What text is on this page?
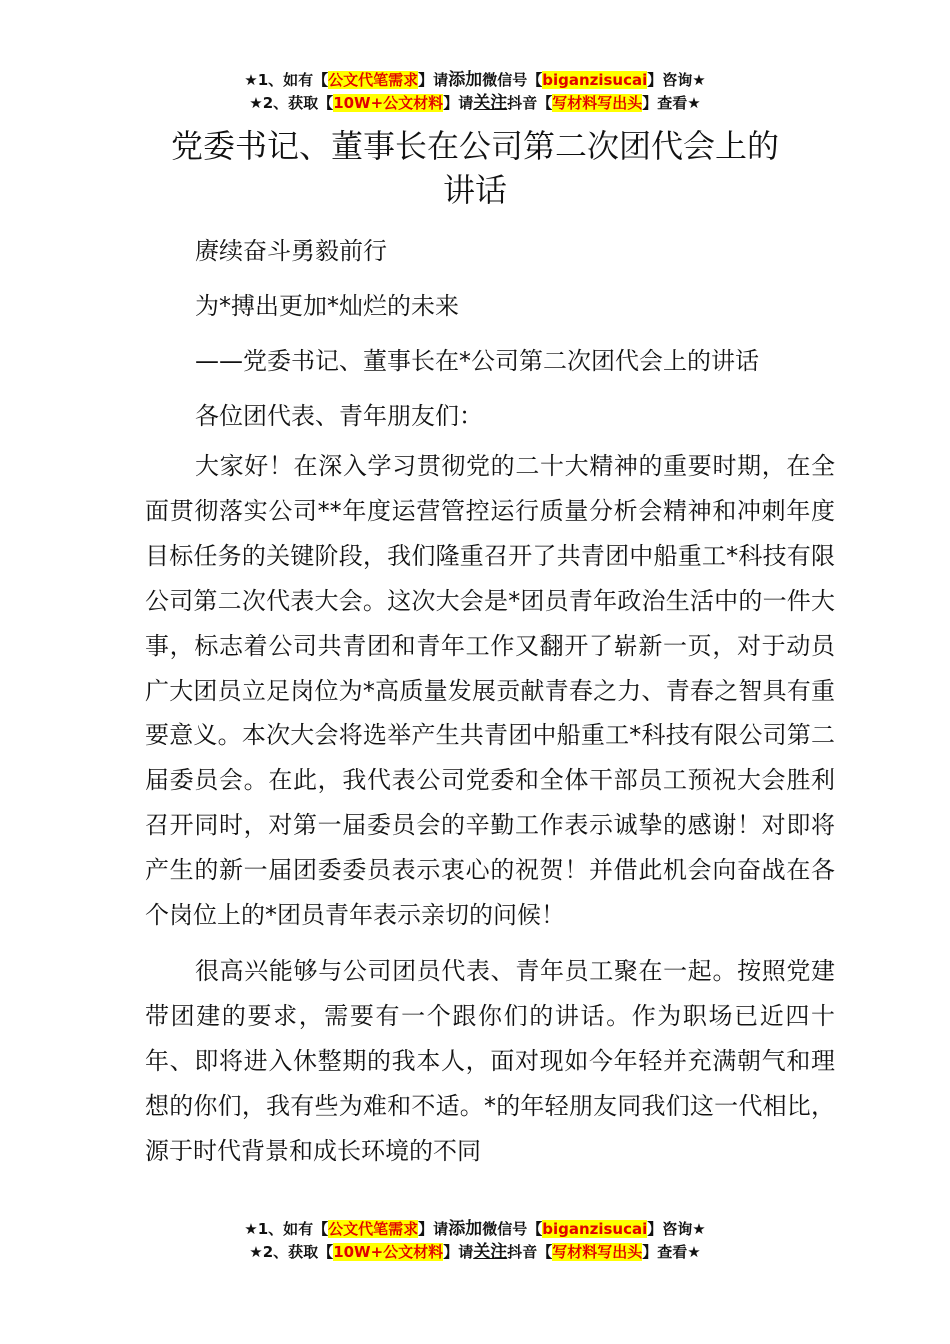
★1、如有【公文代笔需求】请添加微信号【biganzisucai】咨询★
★2、获取【10W+公文材料】请关注抖音【写材料写出头】查看★
党委书记、董事长在公司第二次团代会上的
讲话

赓续奋斗勇毅前行

为*搏出更加*灿烂的未来

——党委书记、董事长在*公司第二次团代会上的讲话

各位团代表、青年朋友们：

大家好！在深入学习贯彻党的二十大精神的重要时期，在全面贯彻落实公司**年度运营管控运行质量分析会精神和冲刺年度目标任务的关键阶段，我们隆重召开了共青团中船重工*科技有限公司第二次代表大会。这次大会是*团员青年政治生活中的一件大事，标志着公司共青团和青年工作又翻开了崭新一页，对于动员广大团员立足岗位为*高质量发展贡献青春之力、青春之智具有重要意义。本次大会将选举产生共青团中船重工*科技有限公司第二届委员会。在此，我代表公司党委和全体干部员工预祝大会胜利召开同时，对第一届委员会的辛勤工作表示诚挚的感谢！对即将产生的新一届团委委员表示衷心的祝贺！并借此机会向奋战在各个岗位上的*团员青年表示亲切的问候！

很高兴能够与公司团员代表、青年员工聚在一起。按照党建带团建的要求，需要有一个跟你们的讲话。作为职场已近四十年、即将进入休整期的我本人，面对现如今年轻并充满朝气和理想的你们，我有些为难和不适。*的年轻朋友同我们这一代相比，源于时代背景和成长环境的不同

★1、如有【公文代笔需求】请添加微信号【biganzisucai】咨询★
★2、获取【10W+公文材料】请关注抖音【写材料写出头】查看★
